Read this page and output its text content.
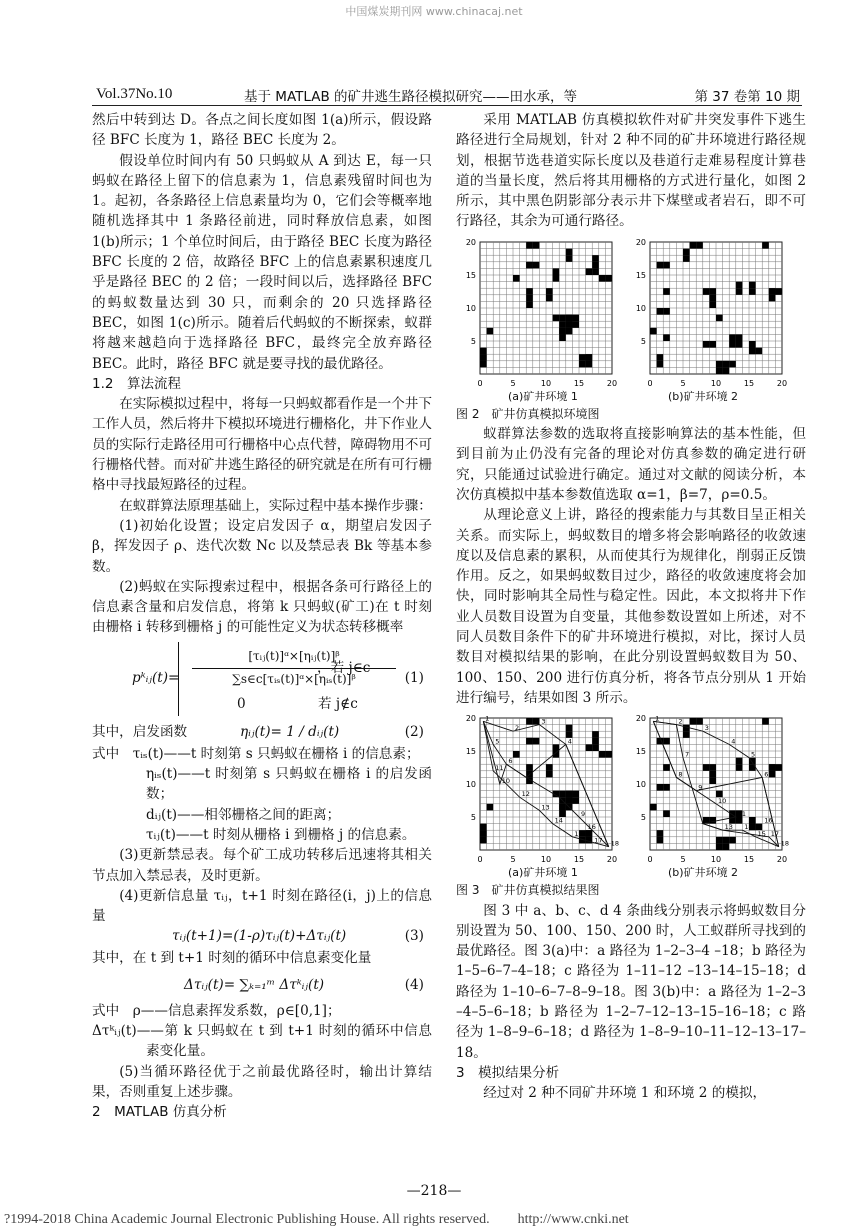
中国煤炭期刊网 www.chinacaj.net
Vol.37No.10	基于 MATLAB 的矿井逃生路径模拟研究——田水承，等	第 37 卷第 10 期

然后中转到达 D。各点之间长度如图 1(a)所示，假设路径 BFC 长度为 1，路径 BEC 长度为 2。

假设单位时间内有 50 只蚂蚁从 A 到达 E，每一只蚂蚁在路径上留下的信息素为 1，信息素残留时间也为 1。起初，各条路径上信息素量均为 0，它们会等概率地随机选择其中 1 条路径前进，同时释放信息素，如图 1(b)所示；1 个单位时间后，由于路径 BEC 长度为路径 BFC 长度的 2 倍，故路径 BFC 上的信息素累积速度几乎是路径 BEC 的 2 倍；一段时间以后，选择路径 BFC 的蚂蚁数量达到 30 只，而剩余的 20 只选择路径 BEC，如图 1(c)所示。随着后代蚂蚁的不断探索，蚁群将越来越趋向于选择路径 BFC，最终完全放弃路径 BEC。此时，路径 BFC 就是要寻找的最优路径。

1.2　算法流程

在实际模拟过程中，将每一只蚂蚁都看作是一个井下工作人员，然后将井下模拟环境进行栅格化，井下作业人员的实际行走路径用可行栅格中心点代替，障碍物用不可行栅格代替。而对矿井逃生路径的研究就是在所有可行栅格中寻找最短路径的过程。

在蚁群算法原理基础上，实际过程中基本操作步骤：

(1)初始化设置；设定启发因子 α，期望启发因子 β，挥发因子 ρ、迭代次数 Nc 以及禁忌表 Bk 等基本参数。

(2)蚂蚁在实际搜索过程中，根据各条可行路径上的信息素含量和启发信息，将第 k 只蚂蚁(矿工)在 t 时刻由栅格 i 转移到栅格 j 的可能性定义为状态转移概率

pᵏᵢⱼ(t)=
[τᵢⱼ(t)]ᵅ×[ηᵢⱼ(t)]ᵝ
∑s∈c[τᵢₛ(t)]ᵅ×[ηᵢₛ(t)]ᵝ
，若 j∈c
0	若 j∉c
(1)
其中，启发函数	ηᵢⱼ(t)= 1 / dᵢⱼ(t)	(2)

式中　τᵢₛ(t)——t 时刻第 s 只蚂蚁在栅格 i 的信息素；

ηᵢₛ(t)——t 时刻第 s 只蚂蚁在栅格 i 的启发函数；

dᵢⱼ(t)——相邻栅格之间的距离；

τᵢⱼ(t)——t 时刻从栅格 i 到栅格 j 的信息素。

(3)更新禁忌表。每个矿工成功转移后迅速将其相关节点加入禁忌表，及时更新。

(4)更新信息量 τᵢⱼ，t+1 时刻在路径(i，j)上的信息量

τᵢⱼ(t+1)=(1-ρ)τᵢⱼ(t)+Δτᵢⱼ(t)	(3)

其中，在 t 到 t+1 时刻的循环中信息素变化量

Δτᵢⱼ(t)= ∑ₖ₌₁ᵐ Δτᵏᵢⱼ(t)	(4)

式中　ρ——信息素挥发系数，ρ∈[0,1]；

Δτᵏᵢⱼ(t)——第 k 只蚂蚁在 t 到 t+1 时刻的循环中信息素变化量。

(5)当循环路径优于之前最优路径时，输出计算结果，否则重复上述步骤。

2　MATLAB 仿真分析

采用 MATLAB 仿真模拟软件对矿井突发事件下逃生路径进行全局规划，针对 2 种不同的矿井环境进行路径规划，根据节选巷道实际长度以及巷道行走难易程度计算巷道的当量长度，然后将其用栅格的方式进行量化，如图 2 所示，其中黑色阴影部分表示井下煤壁或者岩石，即不可行路径，其余为可通行路径。

0	5	10	15	20
20
15
10
5
0	5	10	15	20
20
15
10
5
(a)矿井环境 1	(b)矿井环境 2

图 2　矿井仿真模拟环境图

蚁群算法参数的选取将直接影响算法的基本性能，但到目前为止仍没有完备的理论对仿真参数的确定进行研究，只能通过试验进行确定。通过对文献的阅读分析，本次仿真模拟中基本参数值选取 α=1，β=7，ρ=0.5。

从理论意义上讲，路径的搜索能力与其数目呈正相关关系。而实际上，蚂蚁数目的增多将会影响路径的收敛速度以及信息素的累积，从而使其行为规律化，削弱正反馈作用。反之，如果蚂蚁数目过少，路径的收敛速度将会加快，同时影响其全局性与稳定性。因此，本文拟将井下作业人员数目设置为自变量，其他参数设置如上所述，对不同人员数目条件下的矿井环境进行模拟，对比，探讨人员数目对模拟结果的影响，在此分别设置蚂蚁数目为 50、100、150、200 进行仿真分析，将各节点分别从 1 开始进行编号，结果如图 3 所示。

0	5	10	15	20
20
15
10
5
1
2
3
4
5
6
7
8
9
10
11
12
13
14
15
16
17 18
0	5	10	15	20
20
15
10
5
1	2
3
4
5
6
7
8
9
10
11
12
13 14
15
16
17
18
(a)矿井环境 1	(b)矿井环境 2

图 3　矿井仿真模拟结果图

图 3 中 a、b、c、d 4 条曲线分别表示将蚂蚁数目分别设置为 50、100、150、200 时，人工蚁群所寻找到的最优路径。图 3(a)中：a 路径为 1–2–3–4 –18；b 路径为 1–5–6–7–4–18；c 路径为 1–11–12 –13–14–15–18；d 路径为 1–10–6–7–8–9–18。图 3(b)中：a 路径为 1–2–3 –4–5–6–18；b 路径为 1–2–7–12–13–15–16–18；c 路径为 1–8–9–6–18；d 路径为 1–8–9–10–11–12–13–17–18。

3　模拟结果分析

经过对 2 种不同矿井环境 1 和环境 2 的模拟，

—218—
?1994-2018 China Academic Journal Electronic Publishing House. All rights reserved.　　http://www.cnki.net
